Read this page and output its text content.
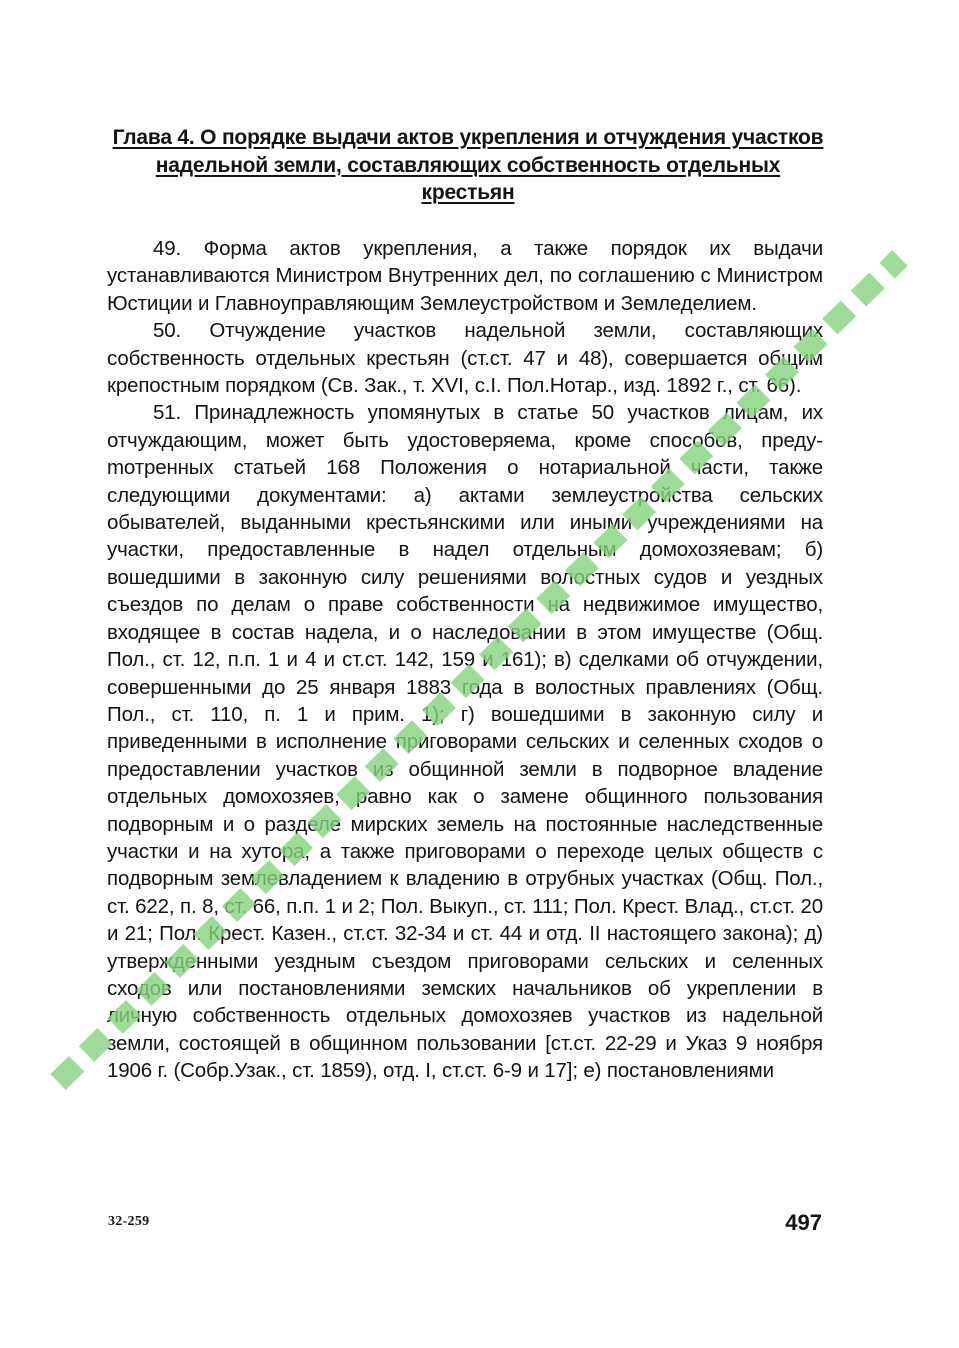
Глава 4. О порядке выдачи актов укрепления и отчуждения участков надельной земли, составляющих собственность отдельных крестьян

49. Форма актов укрепления, а также порядок их выдачи устанавливаются Министром Внутренних дел, по соглашению с Министром Юстиции и Главноуправляющим Землеустройством и Земледелием.

50. Отчуждение участков надельной земли, составляющих собственность отдельных крестьян (ст.ст. 47 и 48), совершается общим крепостным порядком (Св. Зак., т. XVI, с.I. Пол.Нотар., изд. 1892 г., ст. 66).

51. Принадлежность упомянутых в статье 50 участков лицам, их отчуждающим, может быть удостоверяема, кроме способов, предуmотренных статьей 168 Положения о нотариальной части, также следующими документами: а) актами землеустройства сельских обывателей, выданными крестьянскими или иными учреждениями на участки, предоставленные в надел отдельным домохозяевам; б) вошедшими в законную силу решениями волостных судов и уездных съездов по делам о праве собственности на недвижимое имущество, входящее в состав надела, и о наследовании в этом имуществе (Общ. Пол., ст. 12, п.п. 1 и 4 и ст.ст. 142, 159 и 161); в) сделками об отчуждении, совершенными до 25 января 1883 года в волостных правлениях (Общ. Пол., ст. 110, п. 1 и прим. 1); г) вошедшими в законную силу и приведенными в исполнение приговорами сельских и селенных сходов о предоставлении участков из общинной земли в подворное владение отдельных домохозяев, равно как о замене общинного пользования подворным и о разделе мирских земель на постоянные наследственные участки и на хутора, а также приговорами о переходе целых обществ с подворным землевладением к владению в отрубных участках (Общ. Пол., ст. 622, п. 8, ст. 66, п.п. 1 и 2; Пол. Выкуп., ст. 111; Пол. Крест. Влад., ст.ст. 20 и 21; Пол. Крест. Казен., ст.ст. 32-34 и ст. 44 и отд. II настоящего закона); д) утвержденными уездным съездом приговорами сельских и селенных сходов или постановлениями земских начальников об укреплении в личную собственность отдельных домохозяев участков из надельной земли, состоящей в общинном пользовании [ст.ст. 22-29 и Указ 9 ноября 1906 г. (Собр.Узак., ст. 1859), отд. I, ст.ст. 6-9 и 17]; е) постановлениями

32-259	497
